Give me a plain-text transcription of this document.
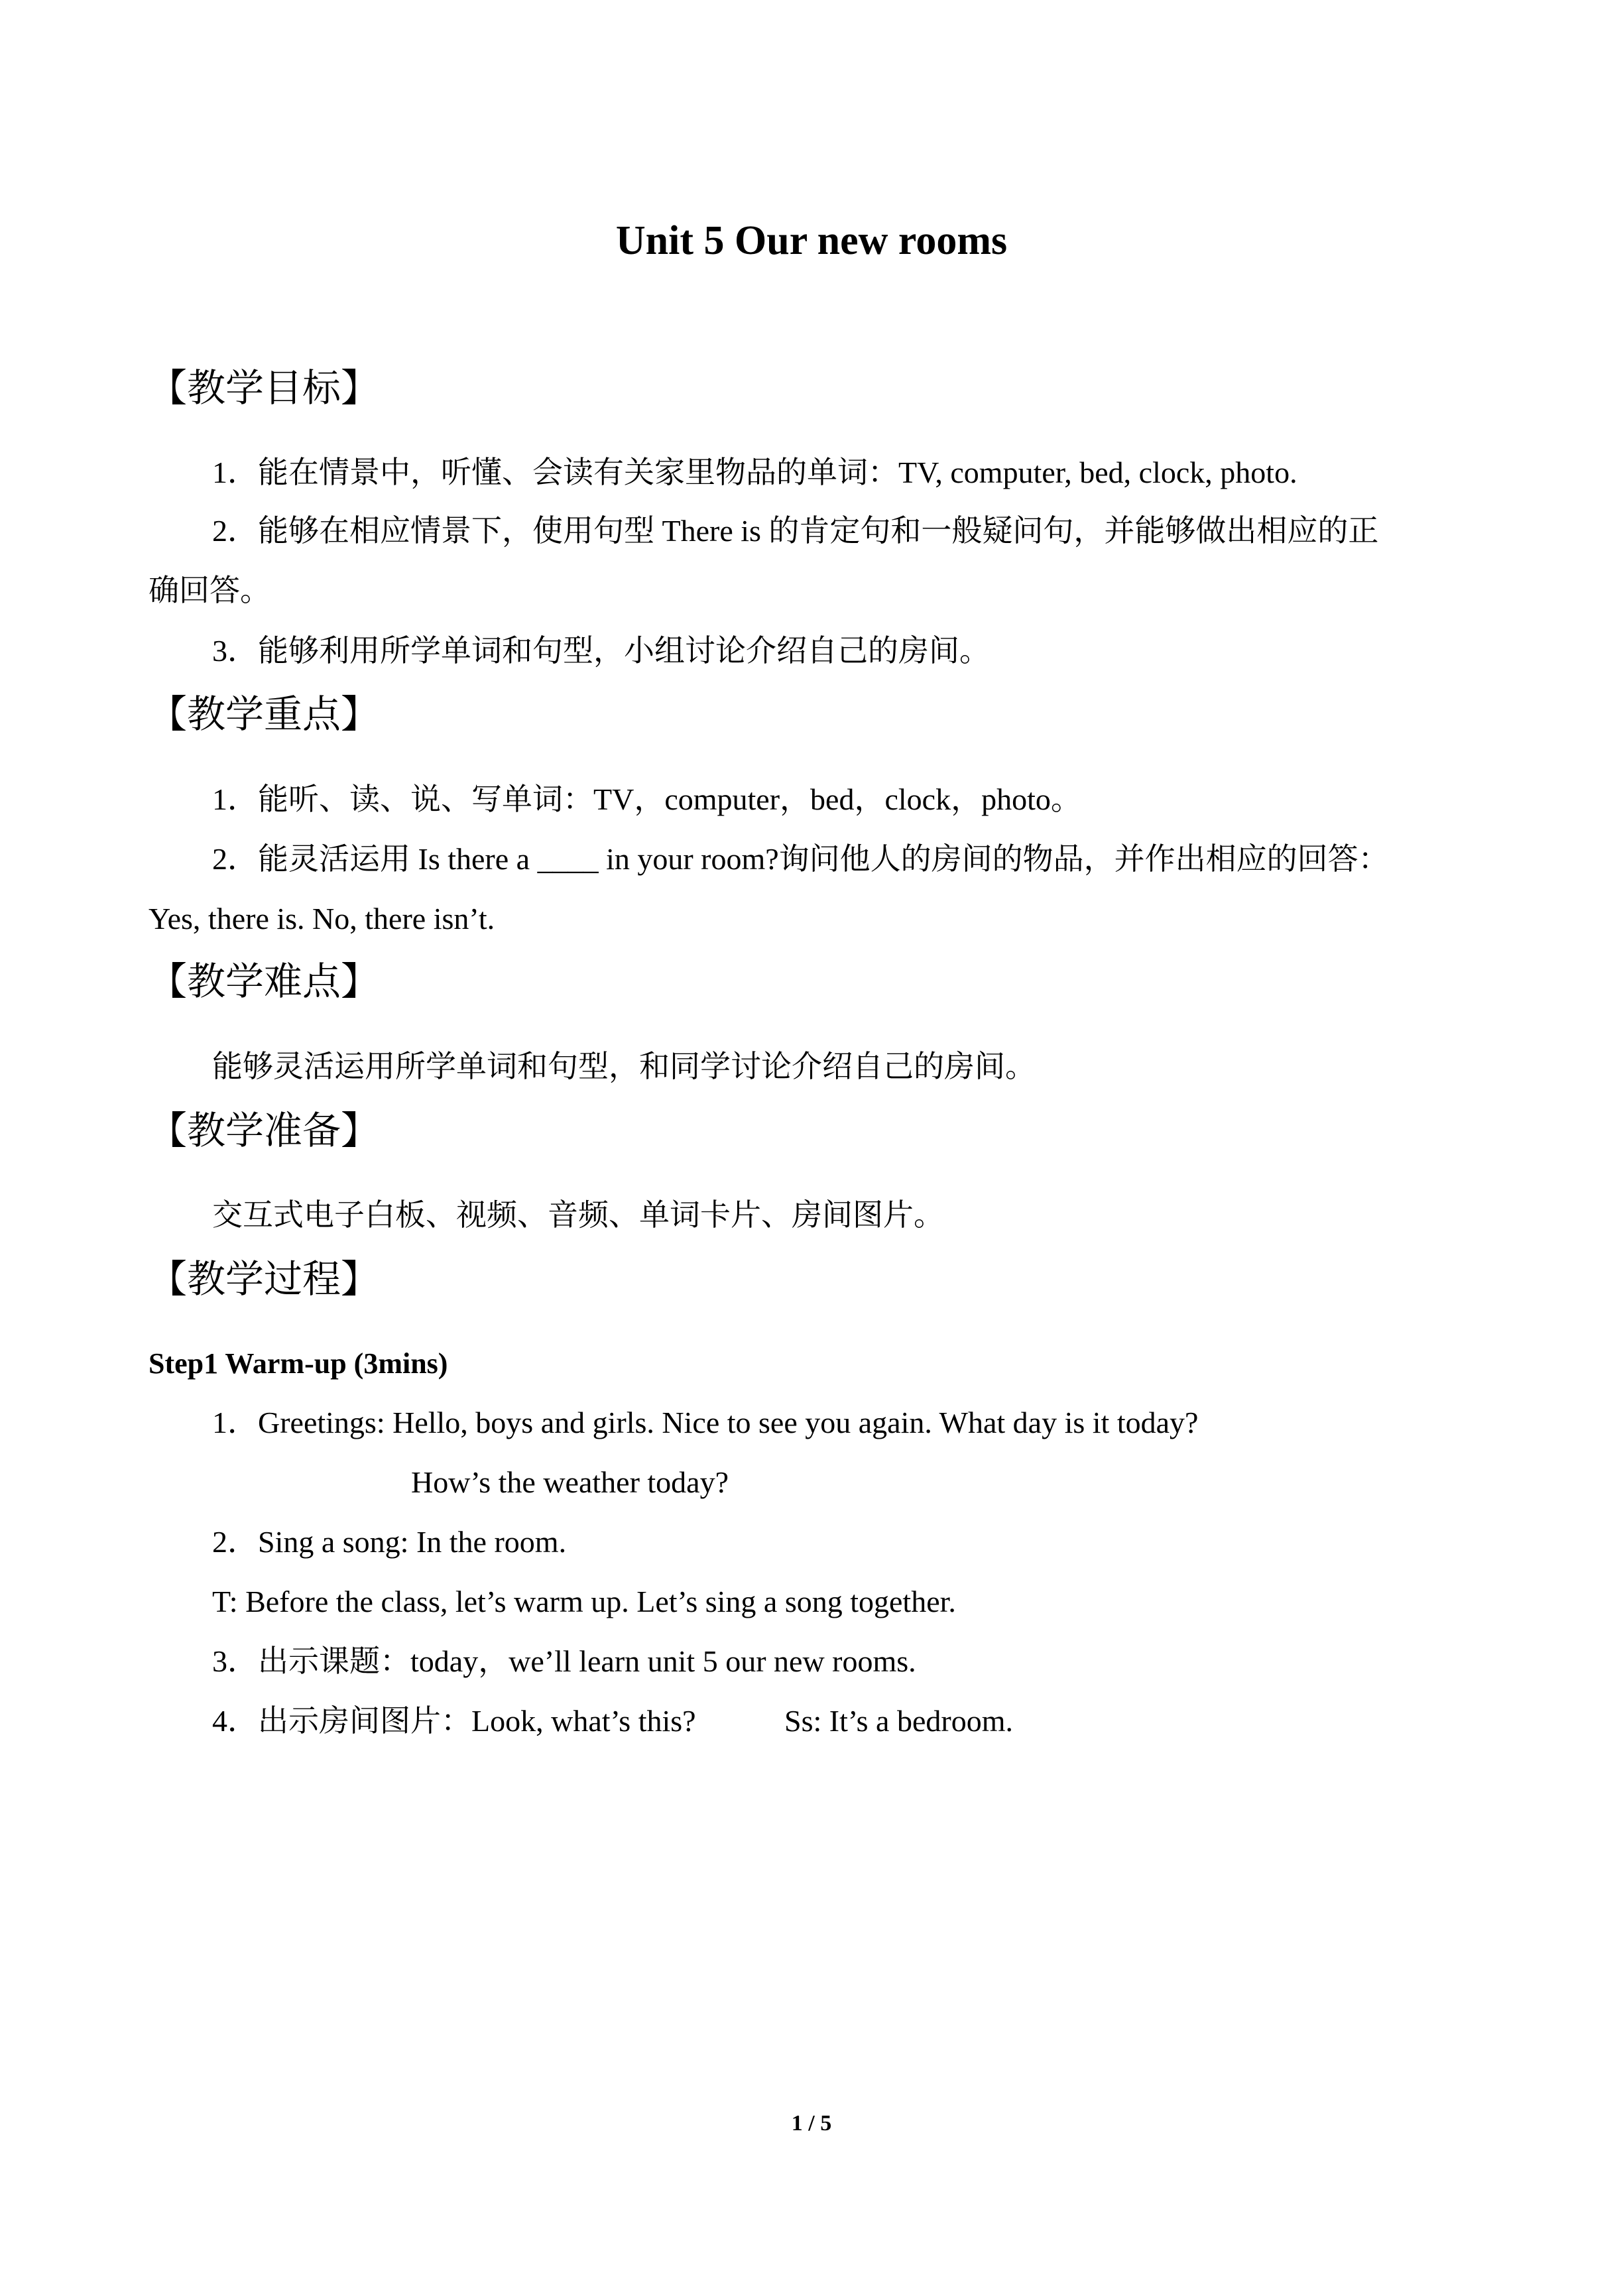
Unit 5 Our new rooms
【教学目标】
1．能在情景中，听懂、会读有关家里物品的单词：TV, computer, bed, clock, photo.
2．能够在相应情景下，使用句型 There is 的肯定句和一般疑问句，并能够做出相应的正
确回答。
3．能够利用所学单词和句型，小组讨论介绍自己的房间。
【教学重点】
1．能听、读、说、写单词：TV，computer，bed，clock，photo。
2．能灵活运用 Is there a ____ in your room?询问他人的房间的物品，并作出相应的回答：
Yes, there is. No, there isn’t.
【教学难点】
能够灵活运用所学单词和句型，和同学讨论介绍自己的房间。
【教学准备】
交互式电子白板、视频、音频、单词卡片、房间图片。
【教学过程】
Step1 Warm-up (3mins)
1．Greetings: Hello, boys and girls. Nice to see you again. What day is it today?
How’s the weather today?
2．Sing a song: In the room.
T: Before the class, let’s warm up. Let’s sing a song together.
3．出示课题：today，we’ll learn unit 5 our new rooms.
4．出示房间图片：Look, what’s this?	Ss: It’s a bedroom.
1 / 5
